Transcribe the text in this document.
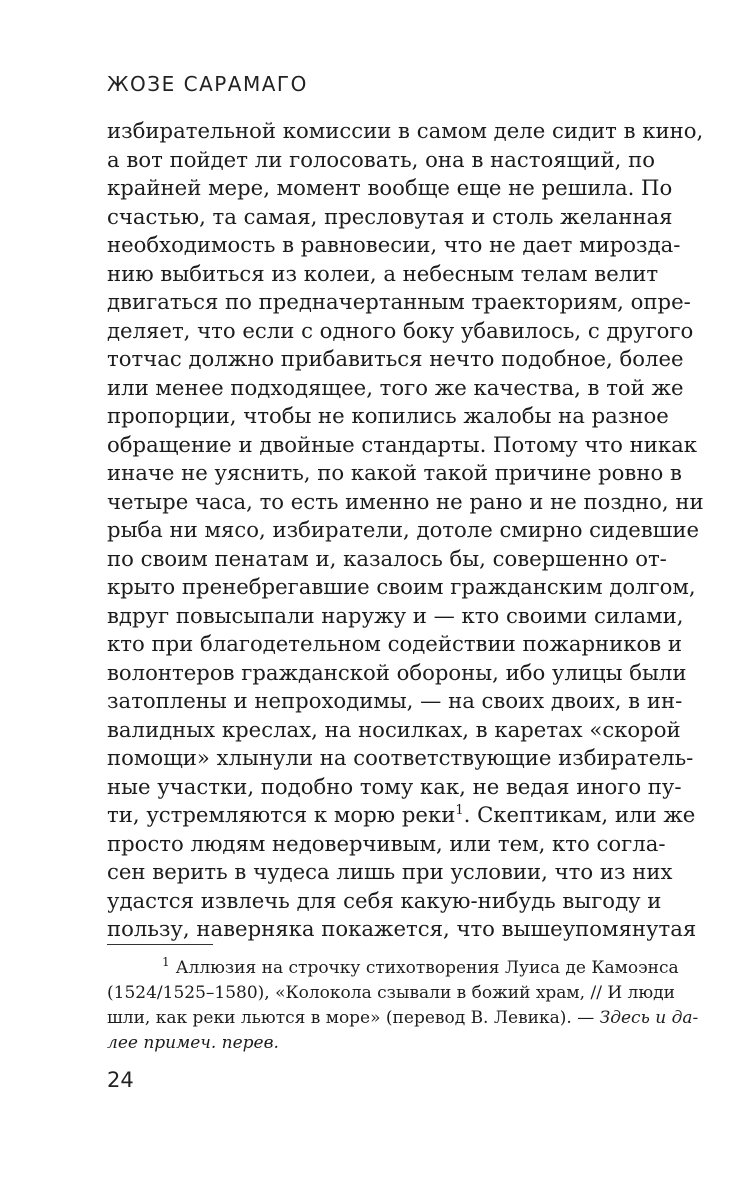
ЖОЗЕ САРАМАГО
избирательной комиссии в самом деле сидит в кино,
а вот пойдет ли голосовать, она в настоящий, по
крайней мере, момент вообще еще не решила. По
счастью, та самая, пресловутая и столь желанная
необходимость в равновесии, что не дает мирозда-
нию выбиться из колеи, а небесным телам велит
двигаться по предначертанным траекториям, опре-
деляет, что если с одного боку убавилось, с другого
тотчас должно прибавиться нечто подобное, более
или менее подходящее, того же качества, в той же
пропорции, чтобы не копились жалобы на разное
обращение и двойные стандарты. Потому что никак
иначе не уяснить, по какой такой причине ровно в
четыре часа, то есть именно не рано и не поздно, ни
рыба ни мясо, избиратели, дотоле смирно сидевшие
по своим пенатам и, казалось бы, совершенно от-
крыто пренебрегавшие своим гражданским долгом,
вдруг повысыпали наружу и — кто своими силами,
кто при благодетельном содействии пожарников и
волонтеров гражданской обороны, ибо улицы были
затоплены и непроходимы, — на своих двоих, в ин-
валидных креслах, на носилках, в каретах «скорой
помощи» хлынули на соответствующие избиратель-
ные участки, подобно тому как, не ведая иного пу-
ти, устремляются к морю реки$^1$. Скептикам, или же
просто людям недоверчивым, или тем, кто согла-
сен верить в чудеса лишь при условии, что из них
удастся извлечь для себя какую-нибудь выгоду и
пользу, наверняка покажется, что вышеупомянутая
$^1$ Аллюзия на строчку стихотворения Луиса де Камоэнса
(1524/1525–1580), «Колокола сзывали в божий храм, // И люди
шли, как реки льются в море» (перевод В. Левика). — Здесь и да-
лее примеч. перев.
24
